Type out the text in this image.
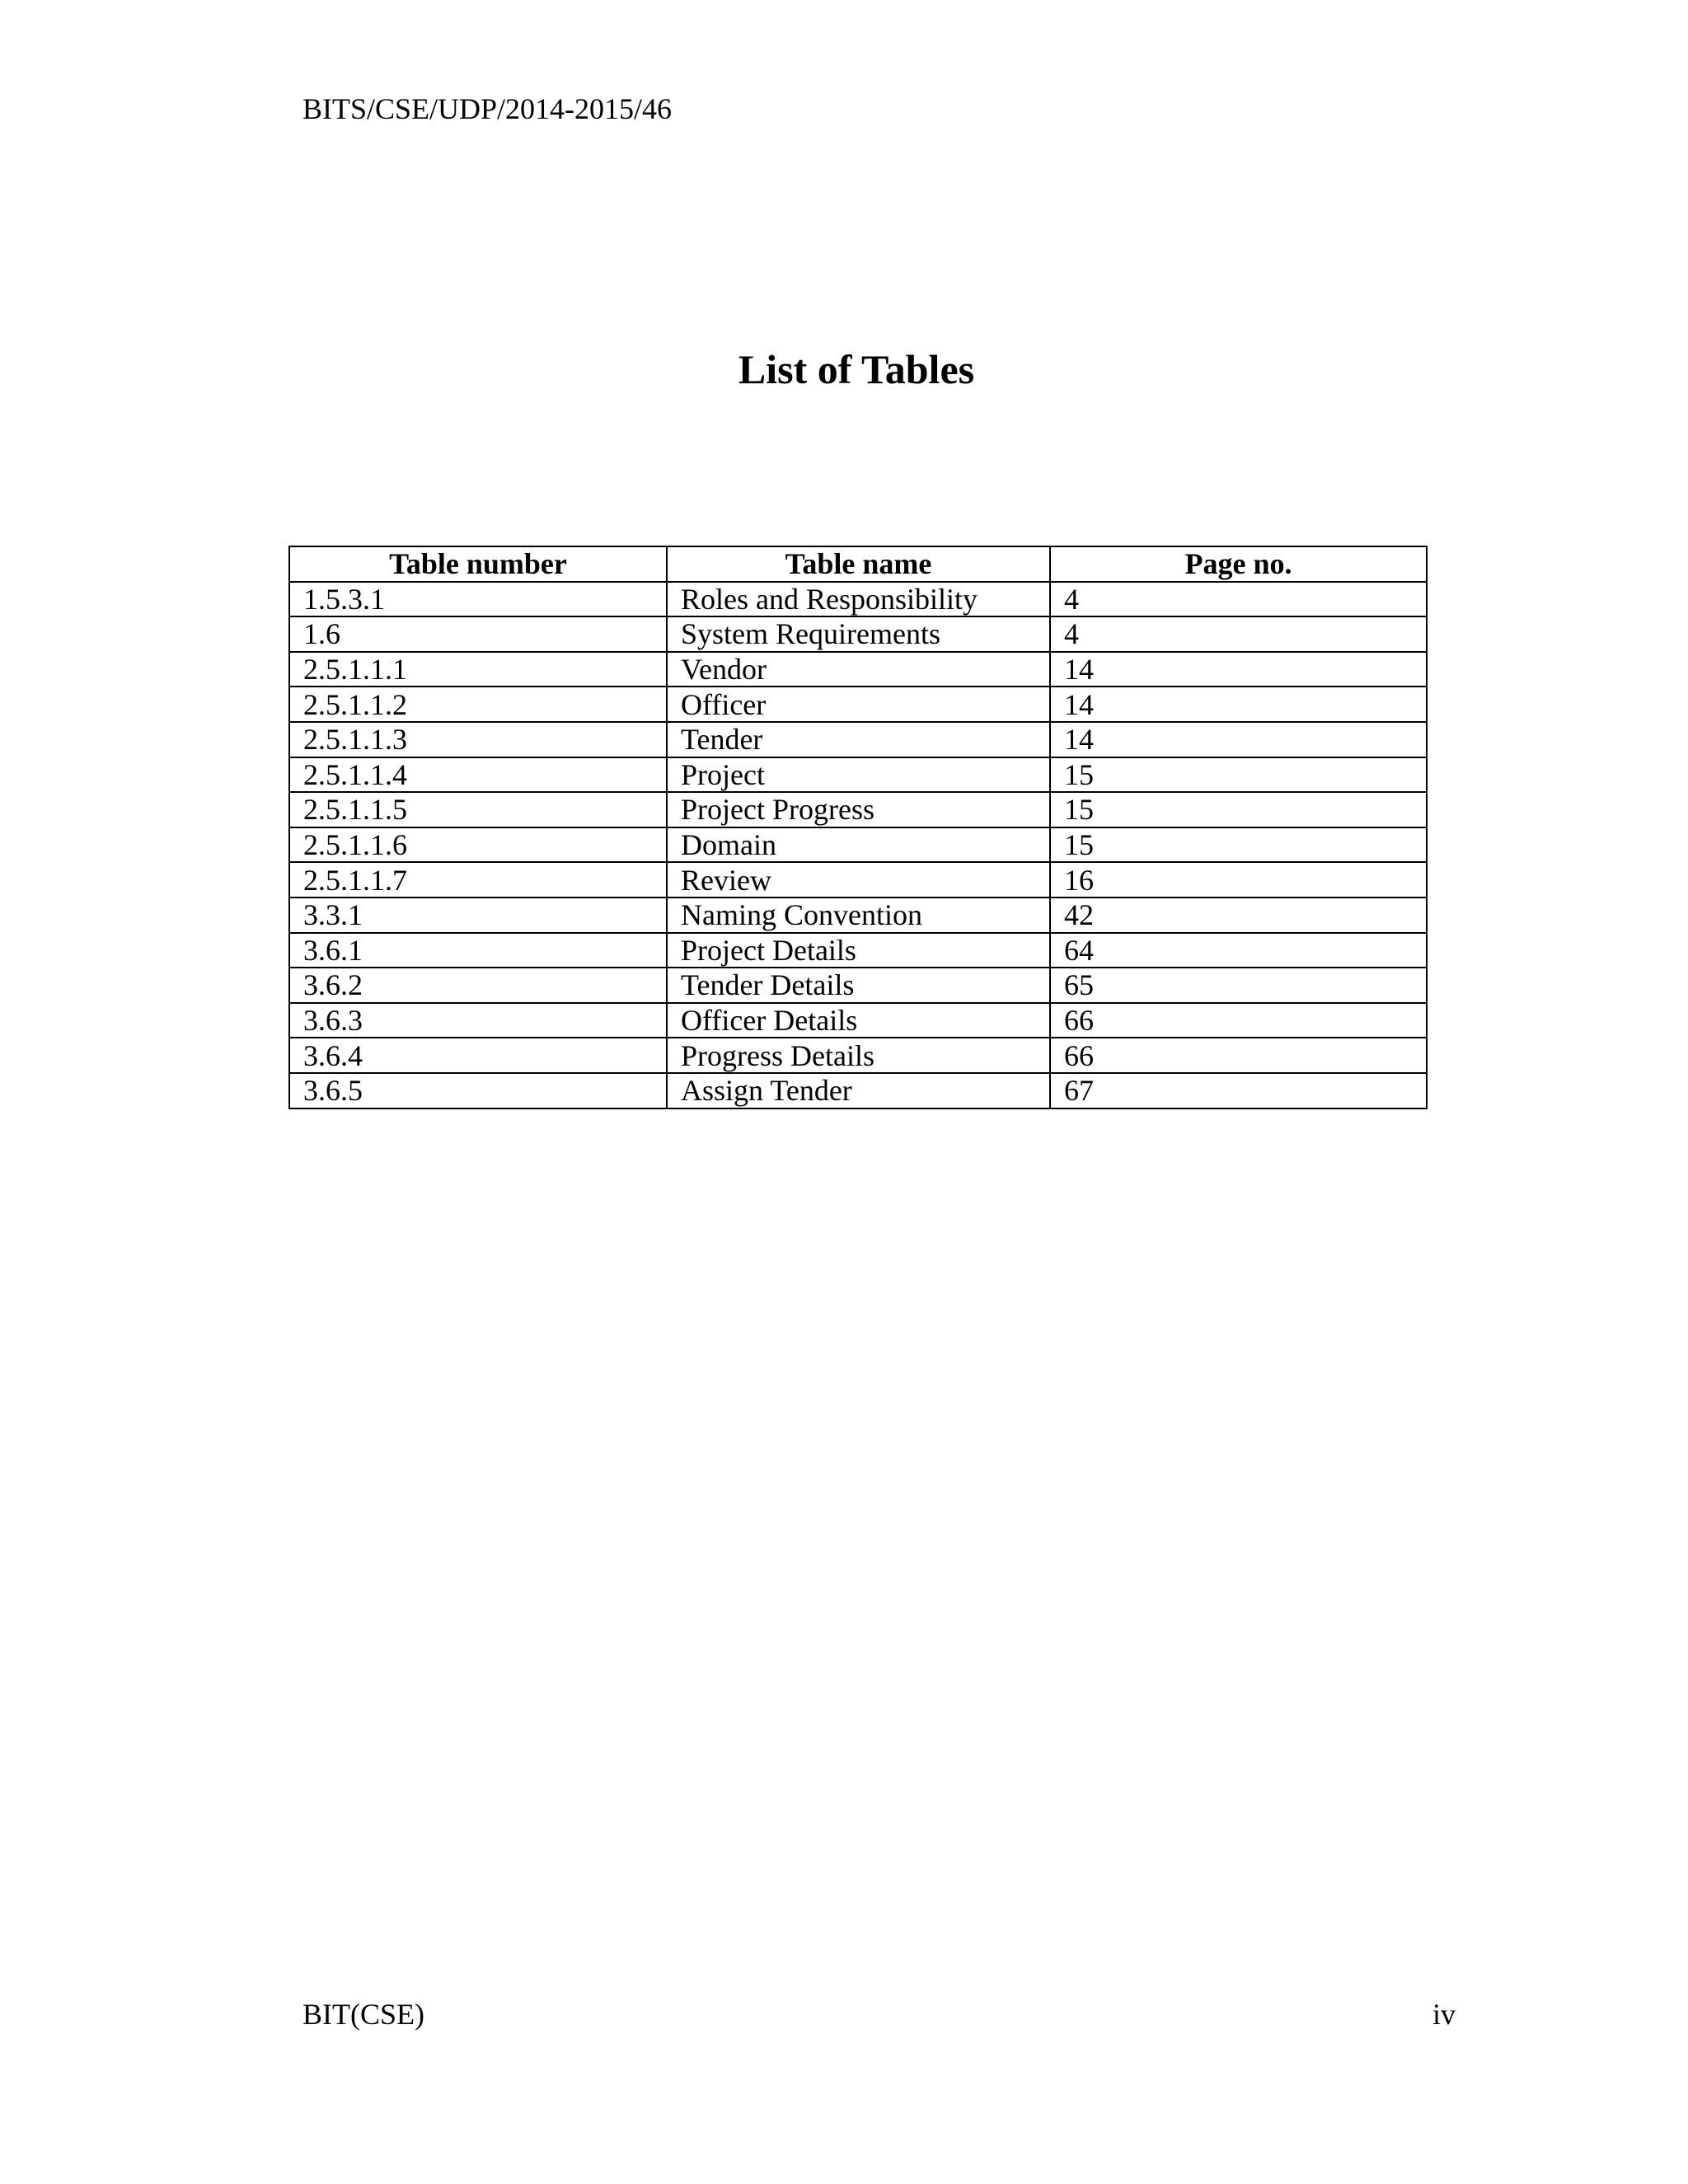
BITS/CSE/UDP/2014-2015/46
List of Tables
Table number	Table name	Page no.
1.5.3.1	Roles and Responsibility	4
1.6	System Requirements	4
2.5.1.1.1	Vendor	14
2.5.1.1.2	Officer	14
2.5.1.1.3	Tender	14
2.5.1.1.4	Project	15
2.5.1.1.5	Project Progress	15
2.5.1.1.6	Domain	15
2.5.1.1.7	Review	16
3.3.1	Naming Convention	42
3.6.1	Project Details	64
3.6.2	Tender Details	65
3.6.3	Officer Details	66
3.6.4	Progress Details	66
3.6.5	Assign Tender	67
BIT(CSE)	iv
